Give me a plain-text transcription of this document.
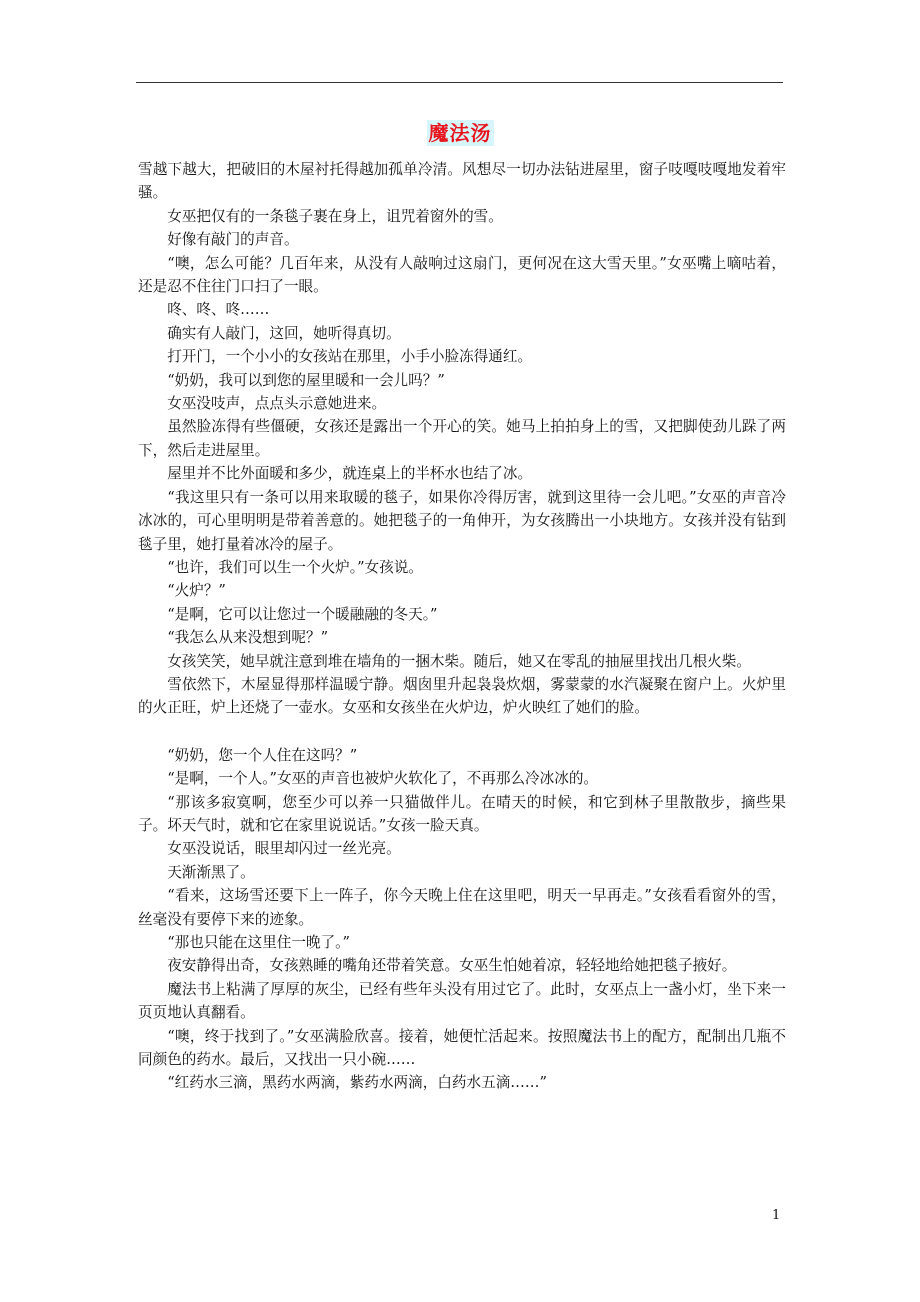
魔法汤

雪越下越大，把破旧的木屋衬托得越加孤单冷清。风想尽一切办法钻进屋里，窗子吱嘎吱嘎地发着牢骚。

女巫把仅有的一条毯子裹在身上，诅咒着窗外的雪。

好像有敲门的声音。

“噢，怎么可能？几百年来，从没有人敲响过这扇门，更何况在这大雪天里。”女巫嘴上嘀咕着，还是忍不住往门口扫了一眼。

咚、咚、咚……

确实有人敲门，这回，她听得真切。

打开门，一个小小的女孩站在那里，小手小脸冻得通红。

“奶奶，我可以到您的屋里暖和一会儿吗？”

女巫没吱声，点点头示意她进来。

虽然脸冻得有些僵硬，女孩还是露出一个开心的笑。她马上拍拍身上的雪，又把脚使劲儿跺了两下，然后走进屋里。

屋里并不比外面暖和多少，就连桌上的半杯水也结了冰。

“我这里只有一条可以用来取暖的毯子，如果你冷得厉害，就到这里待一会儿吧。”女巫的声音冷冰冰的，可心里明明是带着善意的。她把毯子的一角伸开，为女孩腾出一小块地方。女孩并没有钻到毯子里，她打量着冰冷的屋子。

“也许，我们可以生一个火炉。”女孩说。

“火炉？”

“是啊，它可以让您过一个暖融融的冬天。”

“我怎么从来没想到呢？”

女孩笑笑，她早就注意到堆在墙角的一捆木柴。随后，她又在零乱的抽屉里找出几根火柴。

雪依然下，木屋显得那样温暖宁静。烟囱里升起袅袅炊烟，雾蒙蒙的水汽凝聚在窗户上。火炉里的火正旺，炉上还烧了一壶水。女巫和女孩坐在火炉边，炉火映红了她们的脸。

“奶奶，您一个人住在这吗？”

“是啊，一个人。”女巫的声音也被炉火软化了，不再那么冷冰冰的。

“那该多寂寞啊，您至少可以养一只猫做伴儿。在晴天的时候，和它到林子里散散步，摘些果子。坏天气时，就和它在家里说说话。”女孩一脸天真。

女巫没说话，眼里却闪过一丝光亮。

天渐渐黑了。

“看来，这场雪还要下上一阵子，你今天晚上住在这里吧，明天一早再走。”女孩看看窗外的雪，丝毫没有要停下来的迹象。

“那也只能在这里住一晚了。”

夜安静得出奇，女孩熟睡的嘴角还带着笑意。女巫生怕她着凉，轻轻地给她把毯子掖好。

魔法书上粘满了厚厚的灰尘，已经有些年头没有用过它了。此时，女巫点上一盏小灯，坐下来一页页地认真翻看。

“噢，终于找到了。”女巫满脸欣喜。接着，她便忙活起来。按照魔法书上的配方，配制出几瓶不同颜色的药水。最后，又找出一只小碗……

“红药水三滴，黑药水两滴，紫药水两滴，白药水五滴……”

1
